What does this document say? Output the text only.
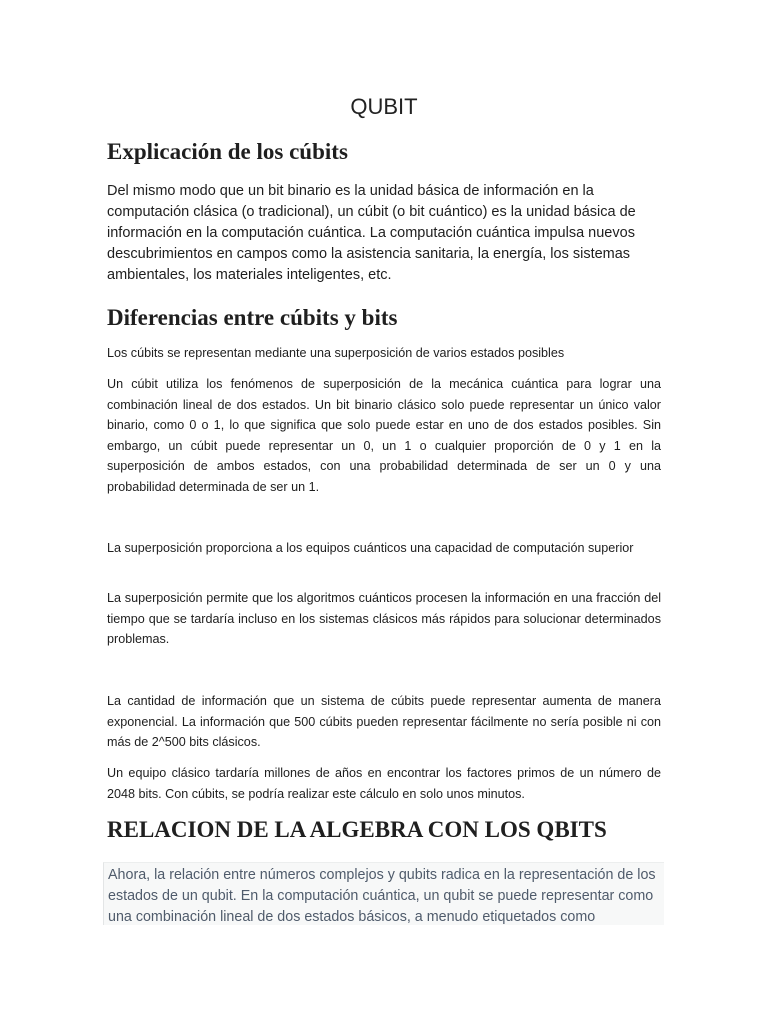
QUBIT
Explicación de los cúbits

Del mismo modo que un bit binario es la unidad básica de información en la computación clásica (o tradicional), un cúbit (o bit cuántico) es la unidad básica de información en la computación cuántica. La computación cuántica impulsa nuevos descubrimientos en campos como la asistencia sanitaria, la energía, los sistemas ambientales, los materiales inteligentes, etc.

Diferencias entre cúbits y bits

Los cúbits se representan mediante una superposición de varios estados posibles

Un cúbit utiliza los fenómenos de superposición de la mecánica cuántica para lograr una combinación lineal de dos estados. Un bit binario clásico solo puede representar un único valor binario, como 0 o 1, lo que significa que solo puede estar en uno de dos estados posibles. Sin embargo, un cúbit puede representar un 0, un 1 o cualquier proporción de 0 y 1 en la superposición de ambos estados, con una probabilidad determinada de ser un 0 y una probabilidad determinada de ser un 1.

La superposición proporciona a los equipos cuánticos una capacidad de computación superior

La superposición permite que los algoritmos cuánticos procesen la información en una fracción del tiempo que se tardaría incluso en los sistemas clásicos más rápidos para solucionar determinados problemas.

La cantidad de información que un sistema de cúbits puede representar aumenta de manera exponencial. La información que 500 cúbits pueden representar fácilmente no sería posible ni con más de 2^500 bits clásicos.

Un equipo clásico tardaría millones de años en encontrar los factores primos de un número de 2048 bits. Con cúbits, se podría realizar este cálculo en solo unos minutos.

RELACION DE LA ALGEBRA CON LOS QBITS

Ahora, la relación entre números complejos y qubits radica en la representación de los estados de un qubit. En la computación cuántica, un qubit se puede representar como una combinación lineal de dos estados básicos, a menudo etiquetados como
